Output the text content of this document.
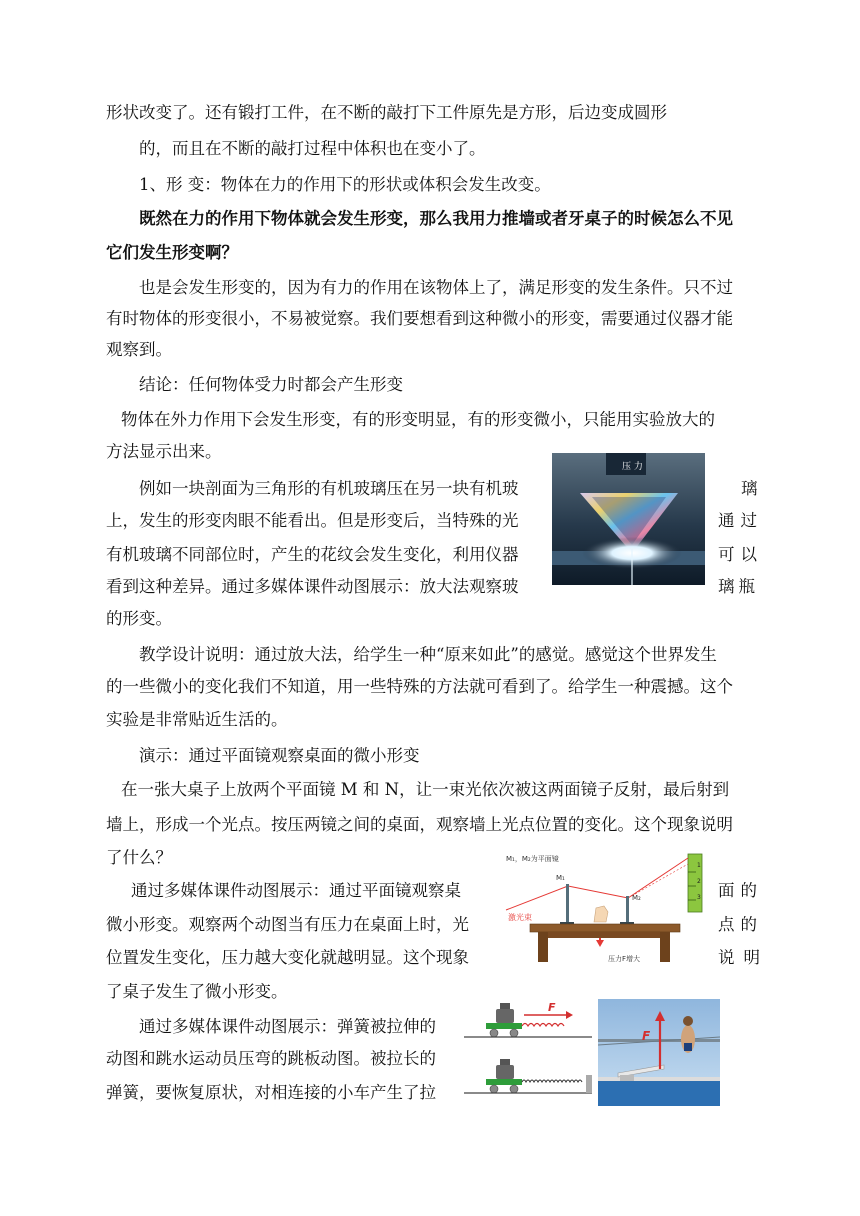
形状改变了。还有锻打工件，在不断的敲打下工件原先是方形，后边变成圆形
的，而且在不断的敲打过程中体积也在变小了。
1、形 变：物体在力的作用下的形状或体积会发生改变。
既然在力的作用下物体就会发生形变，那么我用力推墙或者牙桌子的时候怎么不见
它们发生形变啊？
也是会发生形变的，因为有力的作用在该物体上了，满足形变的发生条件。只不过
有时物体的形变很小，不易被觉察。我们要想看到这种微小的形变，需要通过仪器才能
观察到。
结论：任何物体受力时都会产生形变
物体在外力作用下会发生形变，有的形变明显，有的形变微小，只能用实验放大的
方法显示出来。
例如一块剖面为三角形的有机玻璃压在另一块有机玻	璃
上，发生的形变肉眼不能看出。但是形变后，当特殊的光	通过
有机玻璃不同部位时，产生的花纹会发生变化，利用仪器	可以
看到这种差异。通过多媒体课件动图展示：放大法观察玻	璃瓶
的形变。
教学设计说明：通过放大法，给学生一种“原来如此”的感觉。感觉这个世界发生
的一些微小的变化我们不知道，用一些特殊的方法就可看到了。给学生一种震撼。这个
实验是非常贴近生活的。
演示：通过平面镜观察桌面的微小形变
在一张大桌子上放两个平面镜 M 和 N，让一束光依次被这两面镜子反射，最后射到
墙上，形成一个光点。按压两镜之间的桌面，观察墙上光点位置的变化。这个现象说明
了什么？
通过多媒体课件动图展示：通过平面镜观察桌	面的
微小形变。观察两个动图当有压力在桌面上时，光	点的
位置发生变化，压力越大变化就越明显。这个现象	说明
了桌子发生了微小形变。
通过多媒体课件动图展示：弹簧被拉伸的
动图和跳水运动员压弯的跳板动图。被拉长的
弹簧，要恢复原状，对相连接的小车产生了拉
压 力
M₁，M₂为平面镜
M₁
M₂
激光束
压力F增大
1
2
3
F
F
